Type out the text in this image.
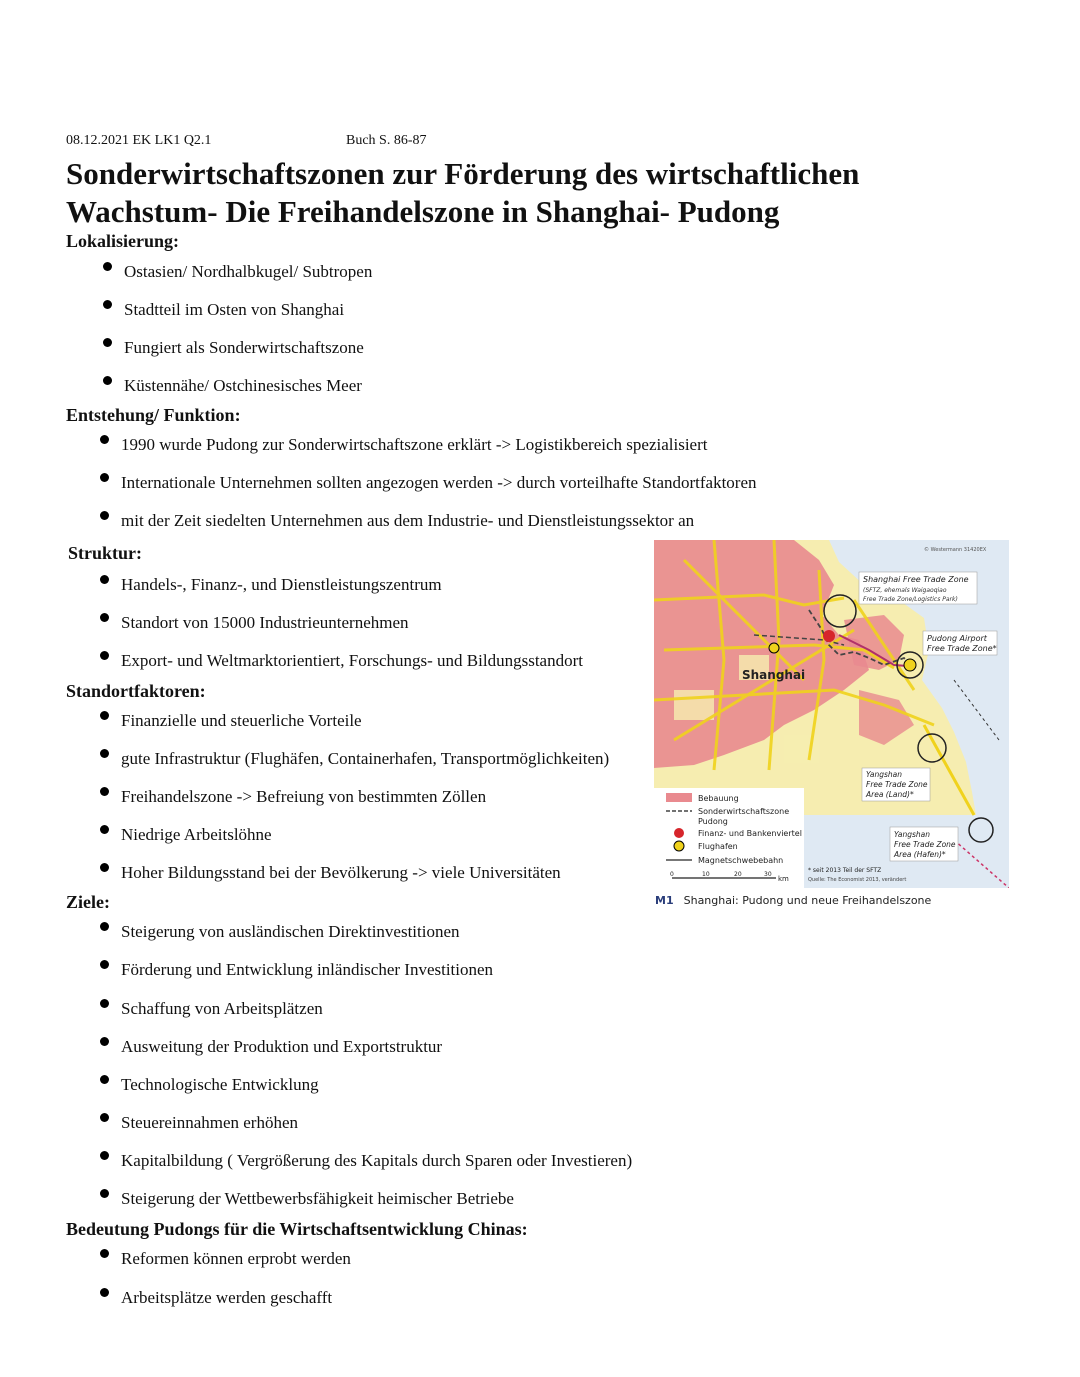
08.12.2021 EK LK1 Q2.1	Buch S. 86-87
Sonderwirtschaftszonen zur Förderung des wirtschaftlichen
Wachstum- Die Freihandelszone in Shanghai- Pudong
Lokalisierung:
Ostasien/ Nordhalbkugel/ Subtropen
Stadtteil im Osten von Shanghai
Fungiert als Sonderwirtschaftszone
Küstennähe/ Ostchinesisches Meer
Entstehung/ Funktion:
1990 wurde Pudong zur Sonderwirtschaftszone erklärt -> Logistikbereich spezialisiert
Internationale Unternehmen sollten angezogen werden -> durch vorteilhafte Standortfaktoren
mit der Zeit siedelten Unternehmen aus dem Industrie- und Dienstleistungssektor an
Struktur:
Handels-, Finanz-, und Dienstleistungszentrum
Standort von 15000 Industrieunternehmen
Export- und Weltmarktorientiert, Forschungs- und Bildungsstandort
Standortfaktoren:
Finanzielle und steuerliche Vorteile
gute Infrastruktur (Flughäfen, Containerhafen, Transportmöglichkeiten)
Freihandelszone -> Befreiung von bestimmten Zöllen
Niedrige Arbeitslöhne
Hoher Bildungsstand bei der Bevölkerung -> viele Universitäten
Ziele:
Steigerung von ausländischen Direktinvestitionen
Förderung und Entwicklung inländischer Investitionen
Schaffung von Arbeitsplätzen
Ausweitung der Produktion und Exportstruktur
Technologische Entwicklung
Steuereinnahmen erhöhen
Kapitalbildung ( Vergrößerung des Kapitals durch Sparen oder Investieren)
Steigerung der Wettbewerbsfähigkeit heimischer Betriebe
Bedeutung Pudongs für die Wirtschaftsentwicklung Chinas:
Reformen können erprobt werden
Arbeitsplätze werden geschafft
Shanghai
© Westermann 31420EX
Shanghai Free Trade Zone
(SFTZ, ehemals Waigaoqiao
Free Trade Zone/Logistics Park)
Pudong Airport
Free Trade Zone*
Yangshan
Free Trade Zone
Area (Land)*
Yangshan
Free Trade Zone
Area (Hafen)*
Bebauung
Sonderwirtschaftszone
Pudong
Finanz- und Bankenviertel
Flughafen
Magnetschwebebahn
0	10	20	30
km
* seit 2013 Teil der SFTZ
Quelle: The Economist 2013, verändert
M1 Shanghai: Pudong und neue Freihandelszone
